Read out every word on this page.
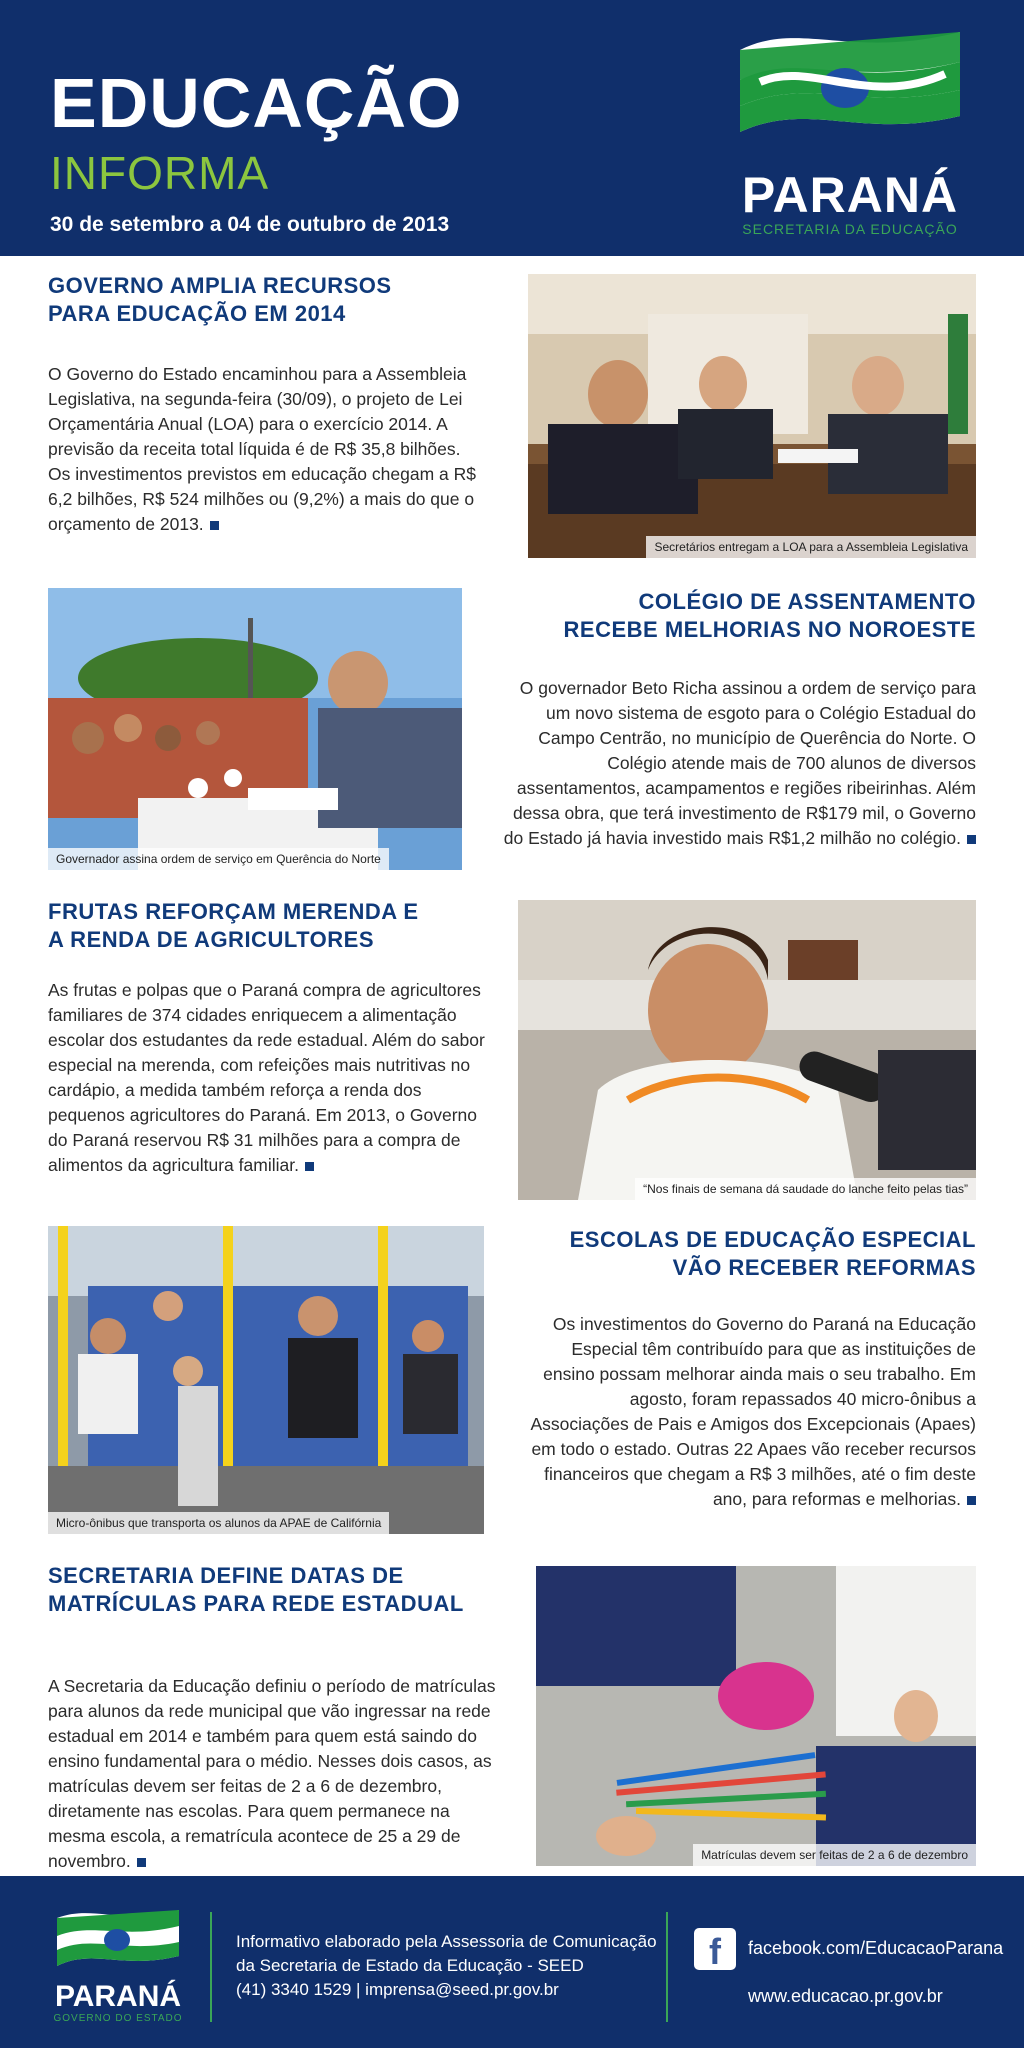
EDUCAÇÃO
INFORMA
30 de setembro a 04 de outubro de 2013
PARANÁ
SECRETARIA DA EDUCAÇÃO
GOVERNO AMPLIA RECURSOS
PARA EDUCAÇÃO EM 2014
O Governo do Estado encaminhou para a Assembleia Legislativa, na segunda-feira (30/09), o projeto de Lei Orçamentária Anual (LOA) para o exercício 2014. A previsão da receita total líquida é de R$ 35,8 bilhões. Os investimentos previstos em educação chegam a R$ 6,2 bilhões, R$ 524 milhões ou (9,2%) a mais do que o orçamento de 2013.
Secretários entregam a LOA para a Assembleia Legislativa
Governador assina ordem de serviço em Querência do Norte
COLÉGIO DE ASSENTAMENTO
RECEBE MELHORIAS NO NOROESTE
O governador Beto Richa assinou a ordem de serviço para um novo sistema de esgoto para o Colégio Estadual do Campo Centrão, no município de Querência do Norte. O Colégio atende mais de 700 alunos de diversos assentamentos, acampamentos e regiões ribeirinhas. Além dessa obra, que terá investimento de R$179 mil, o Governo do Estado já havia investido mais R$1,2 milhão no colégio.
FRUTAS REFORÇAM MERENDA E
A RENDA DE AGRICULTORES
As frutas e polpas que o Paraná compra de agricultores familiares de 374 cidades enriquecem a alimentação escolar dos estudantes da rede estadual. Além do sabor especial na merenda, com refeições mais nutritivas no cardápio, a medida também reforça a renda dos pequenos agricultores do Paraná. Em 2013, o Governo do Paraná reservou R$ 31 milhões para a compra de alimentos da agricultura familiar.
“Nos finais de semana dá saudade do lanche feito pelas tias”
Micro-ônibus que transporta os alunos da APAE de Califórnia
ESCOLAS DE EDUCAÇÃO ESPECIAL
VÃO RECEBER REFORMAS
Os investimentos do Governo do Paraná na Educação Especial têm contribuído para que as instituições de ensino possam melhorar ainda mais o seu trabalho. Em agosto, foram repassados 40 micro-ônibus a Associações de Pais e Amigos dos Excepcionais (Apaes) em todo o estado. Outras 22 Apaes vão receber recursos financeiros que chegam a R$ 3 milhões, até o fim deste ano, para reformas e melhorias.
SECRETARIA DEFINE DATAS DE
MATRÍCULAS PARA REDE ESTADUAL
A Secretaria da Educação definiu o período de matrículas para alunos da rede municipal que vão ingressar na rede estadual em 2014 e também para quem está saindo do ensino fundamental para o médio. Nesses dois casos, as matrículas devem ser feitas de 2 a 6 de dezembro, diretamente nas escolas. Para quem permanece na mesma escola, a rematrícula acontece de 25 a 29 de novembro.	Matrículas devem ser feitas de 2 a 6 de dezembro
PARANÁ
GOVERNO DO ESTADO
Informativo elaborado pela Assessoria de Comunicação
da Secretaria de Estado da Educação - SEED
(41) 3340 1529 | imprensa@seed.pr.gov.br
f	facebook.com/EducacaoParana
www.educacao.pr.gov.br
